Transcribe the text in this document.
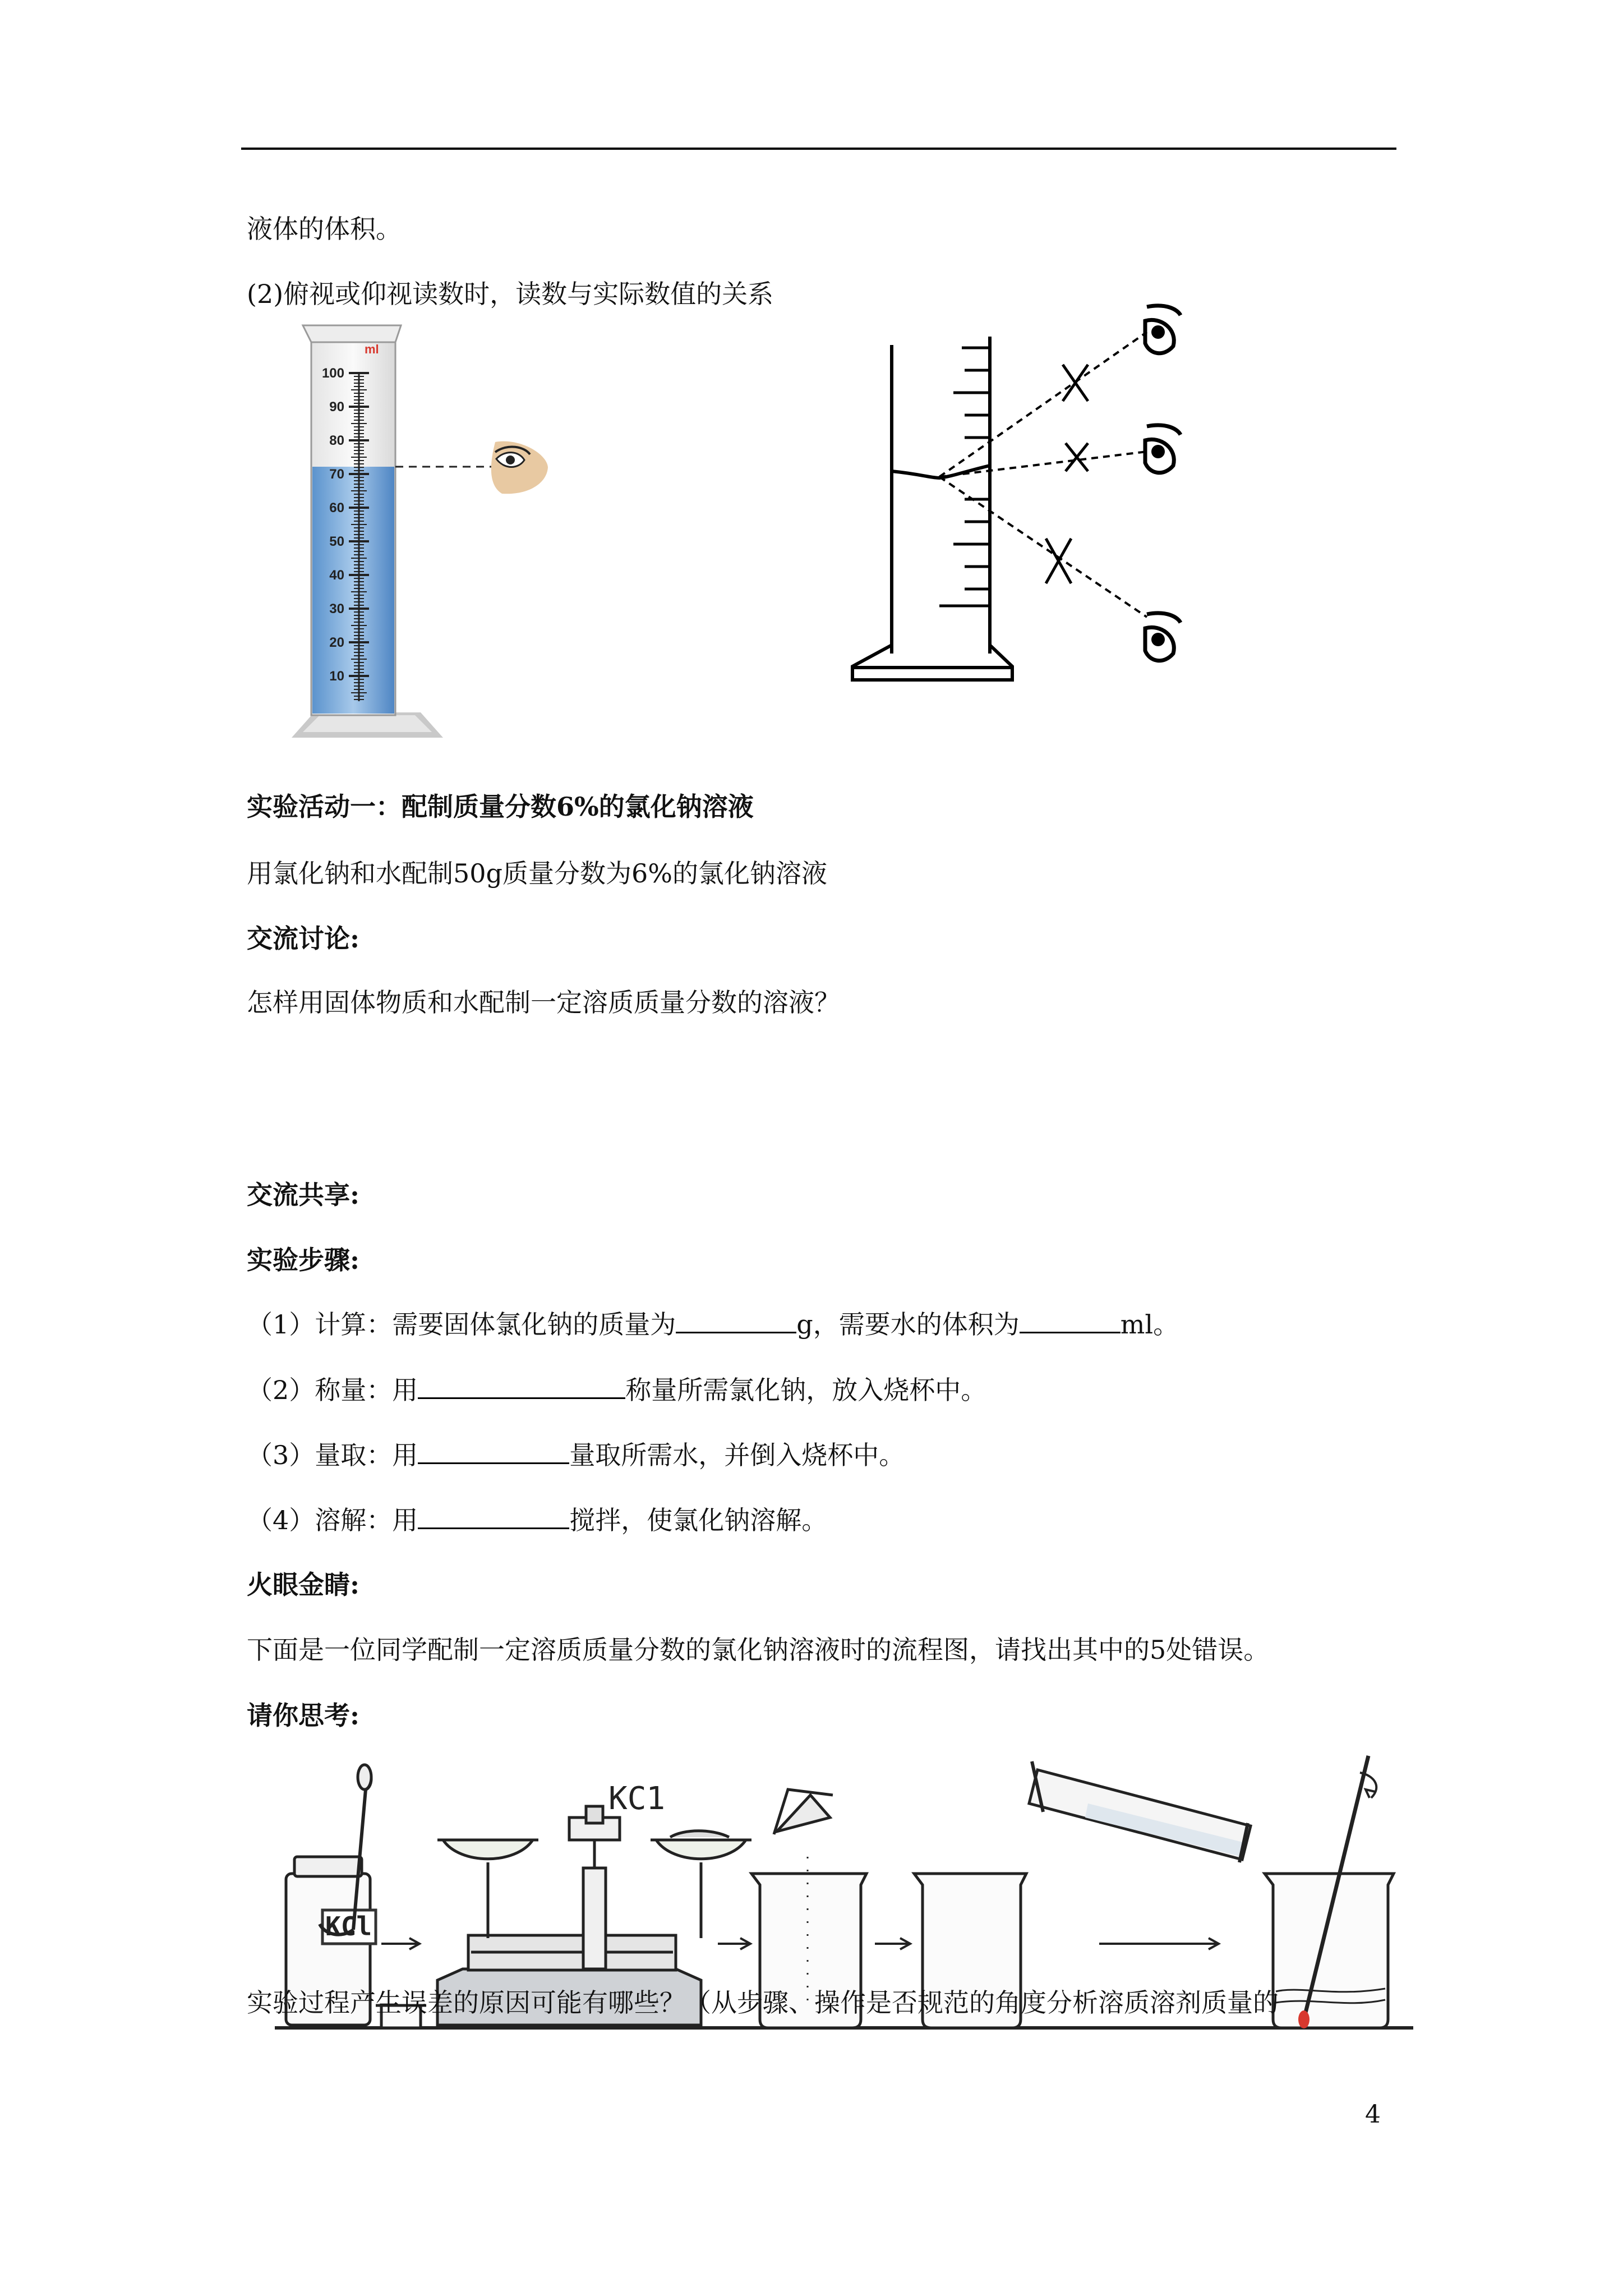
液体的体积。
(2)俯视或仰视读数时，读数与实际数值的关系
100
90
80
70
60
50
40
30
20
10
ml
实验活动一：配制质量分数6%的氯化钠溶液
用氯化钠和水配制50g质量分数为6%的氯化钠溶液
交流讨论:
怎样用固体物质和水配制一定溶质质量分数的溶液？
交流共享:
实验步骤:
（1）计算：需要固体氯化钠的质量为	g，需要水的体积为	ml。
（2）称量：用	称量所需氯化钠，放入烧杯中。
（3）量取：用	量取所需水，并倒入烧杯中。
（4）溶解：用	搅拌，使氯化钠溶解。
火眼金睛:
下面是一位同学配制一定溶质质量分数的氯化钠溶液时的流程图，请找出其中的5处错误。
请你思考:
KCl
KC1
实验过程产生误差的原因可能有哪些？（从步骤、操作是否规范的角度分析溶质溶剂质量的
4
